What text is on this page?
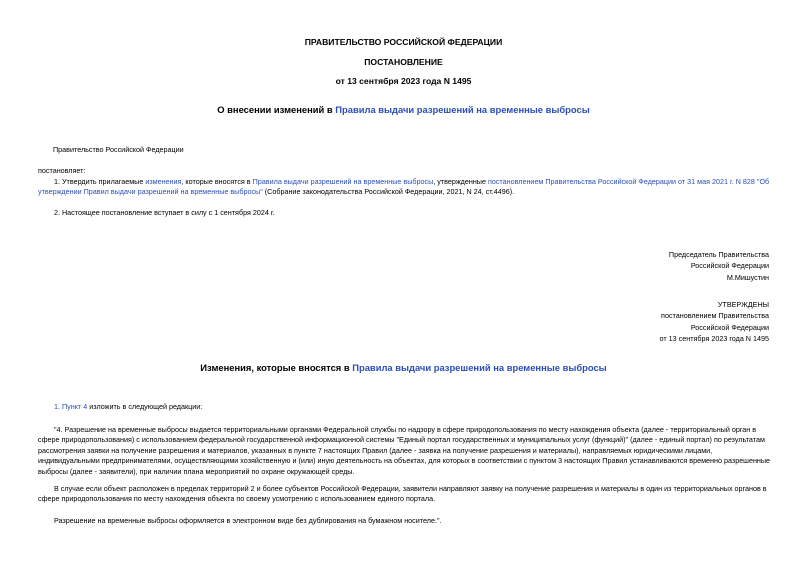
ПРАВИТЕЛЬСТВО РОССИЙСКОЙ ФЕДЕРАЦИИ
ПОСТАНОВЛЕНИЕ
от 13 сентября 2023 года N 1495
О внесении изменений в Правила выдачи разрешений на временные выбросы
Правительство Российской Федерации
постановляет:
1. Утвердить прилагаемые изменения, которые вносятся в Правила выдачи разрешений на временные выбросы, утвержденные постановлением Правительства Российской Федерации от 31 мая 2021 г. N 828 "Об утверждении Правил выдачи разрешений на временные выбросы" (Собрание законодательства Российской Федерации, 2021, N 24, ст.4496).
2. Настоящее постановление вступает в силу с 1 сентября 2024 г.
Председатель Правительства
Российской Федерации
М.Мишустин
УТВЕРЖДЕНЫ
постановлением Правительства
Российской Федерации
от 13 сентября 2023 года N 1495
Изменения, которые вносятся в Правила выдачи разрешений на временные выбросы
1. Пункт 4 изложить в следующей редакции:
"4. Разрешение на временные выбросы выдается территориальными органами Федеральной службы по надзору в сфере природопользования по месту нахождения объекта (далее - территориальный орган в сфере природопользования) с использованием федеральной государственной информационной системы "Единый портал государственных и муниципальных услуг (функций)" (далее - единый портал) по результатам рассмотрения заявки на получение разрешения и материалов, указанных в пункте 7 настоящих Правил (далее - заявка на получение разрешения и материалы), направляемых юридическими лицами, индивидуальными предпринимателями, осуществляющими хозяйственную и (или) иную деятельность на объектах, для которых в соответствии с пунктом 3 настоящих Правил устанавливаются временно разрешенные выбросы (далее - заявители), при наличии плана мероприятий по охране окружающей среды.
В случае если объект расположен в пределах территорий 2 и более субъектов Российской Федерации, заявители направляют заявку на получение разрешения и материалы в один из территориальных органов в сфере природопользования по месту нахождения объекта по своему усмотрению с использованием единого портала.
Разрешение на временные выбросы оформляется в электронном виде без дублирования на бумажном носителе.".
